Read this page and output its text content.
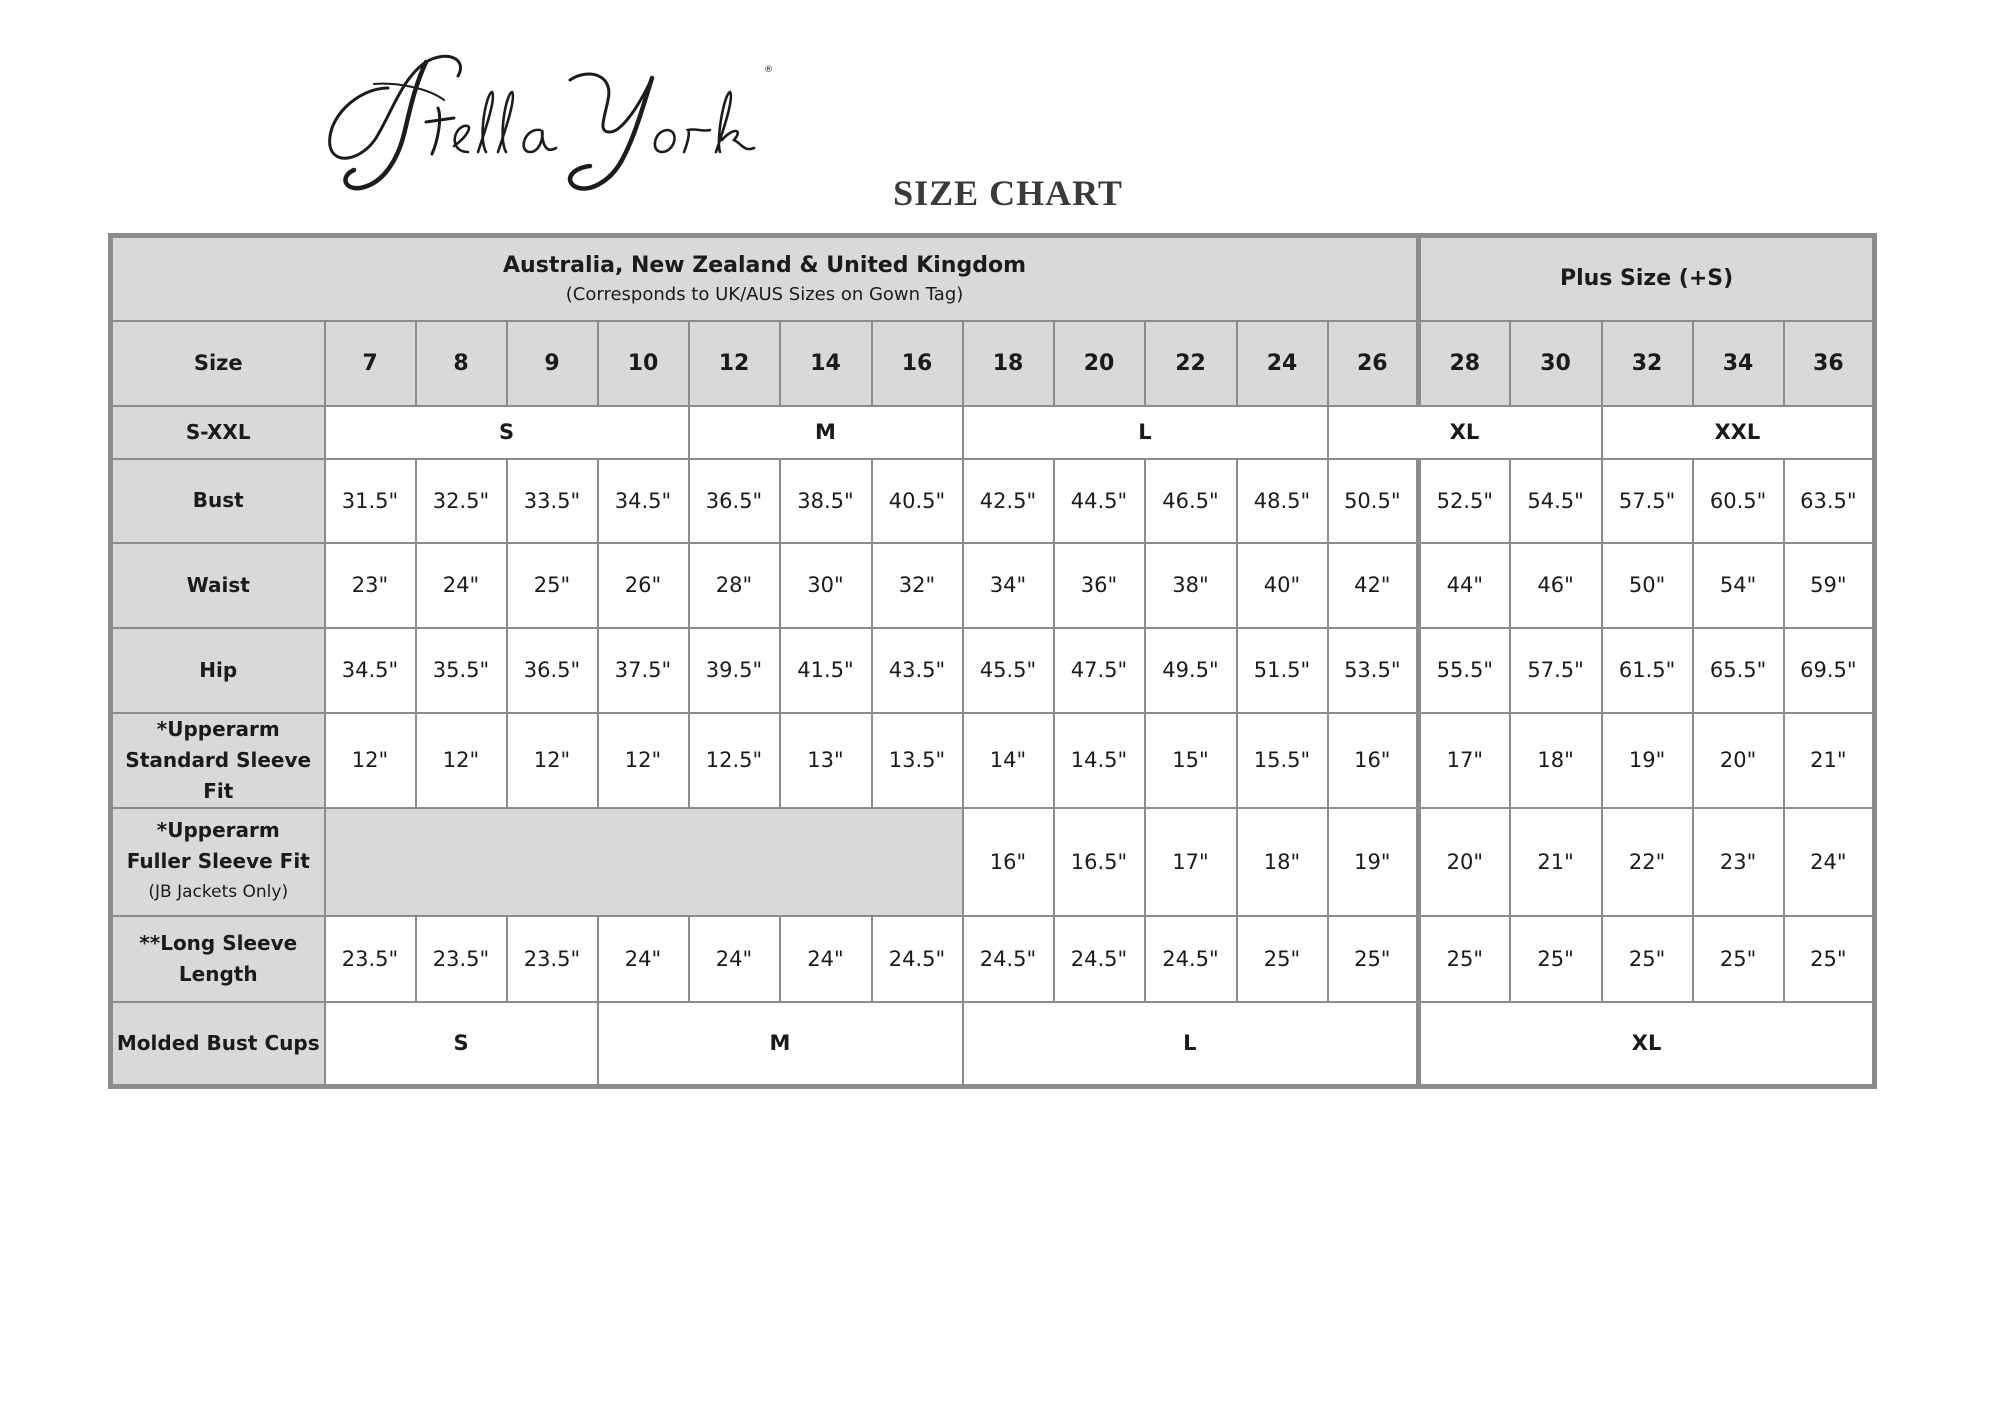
®
SIZE CHART
Australia, New Zealand & United Kingdom
(Corresponds to UK/AUS Sizes on Gown Tag)													Plus Size (+S)				

Size	7	8	9	10	12	14	16	18	20	22	24	26	28	30	32	34	36
S-XXL	S				M			L				XL			XXL		
Bust	31.5"	32.5"	33.5"	34.5"	36.5"	38.5"	40.5"	42.5"	44.5"	46.5"	48.5"	50.5"	52.5"	54.5"	57.5"	60.5"	63.5"
Waist	23"	24"	25"	26"	28"	30"	32"	34"	36"	38"	40"	42"	44"	46"	50"	54"	59"
Hip	34.5"	35.5"	36.5"	37.5"	39.5"	41.5"	43.5"	45.5"	47.5"	49.5"	51.5"	53.5"	55.5"	57.5"	61.5"	65.5"	69.5"

*Upperarm
Standard Sleeve Fit	12"	12"	12"	12"	12.5"	13"	13.5"	14"	14.5"	15"	15.5"	16"	17"	18"	19"	20"	21"

*Upperarm
Fuller Sleeve Fit
(JB Jackets Only)								16"	16.5"	17"	18"	19"	20"	21"	22"	23"	24"

**Long Sleeve
Length	23.5"	23.5"	23.5"	24"	24"	24"	24.5"	24.5"	24.5"	24.5"	25"	25"	25"	25"	25"	25"	25"
Molded Bust Cups	S			M				L					XL				
